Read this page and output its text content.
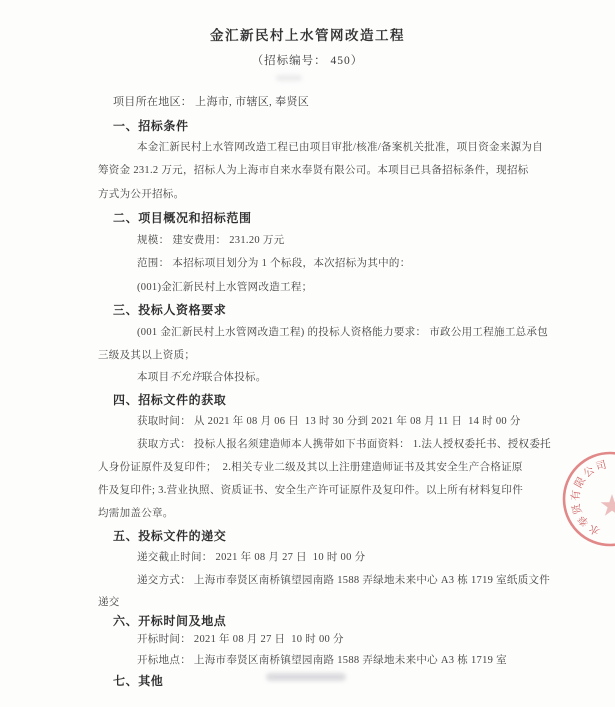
金汇新民村上水管网改造工程
（招标编号： 450）
项目所在地区： 上海市, 市辖区, 奉贤区
一、招标条件
本金汇新民村上水管网改造工程已由项目审批/核准/备案机关批准，项目资金来源为自
筹资金 231.2 万元，招标人为上海市自来水奉贤有限公司。本项目已具备招标条件，现招标
方式为公开招标。
二、项目概况和招标范围
规模： 建安费用： 231.20 万元
范围： 本招标项目划分为 1 个标段，本次招标为其中的：
(001)金汇新民村上水管网改造工程；
三、投标人资格要求
(001 金汇新民村上水管网改造工程) 的投标人资格能力要求： 市政公用工程施工总承包
三级及其以上资质；
本项目不允许联合体投标。
四、招标文件的获取
获取时间： 从 2021 年 08 月 06 日  13 时 30 分到 2021 年 08 月 11 日  14 时 00 分
获取方式： 投标人报名须建造师本人携带如下书面资料： 1.法人授权委托书、授权委托
人身份证原件及复印件；  2.相关专业二级及其以上注册建造师证书及其安全生产合格证原
件及复印件; 3.营业执照、资质证书、安全生产许可证原件及复印件。以上所有材料复印件
均需加盖公章。
五、投标文件的递交
递交截止时间： 2021 年 08 月 27 日  10 时 00 分
递交方式： 上海市奉贤区南桥镇望园南路 1588 弄绿地未来中心 A3 栋 1719 室纸质文件
递交
六、开标时间及地点
开标时间： 2021 年 08 月 27 日  10 时 00 分
开标地点： 上海市奉贤区南桥镇望园南路 1588 弄绿地未来中心 A3 栋 1719 室
七、其他
司
公
限
有
贤
奉
水
